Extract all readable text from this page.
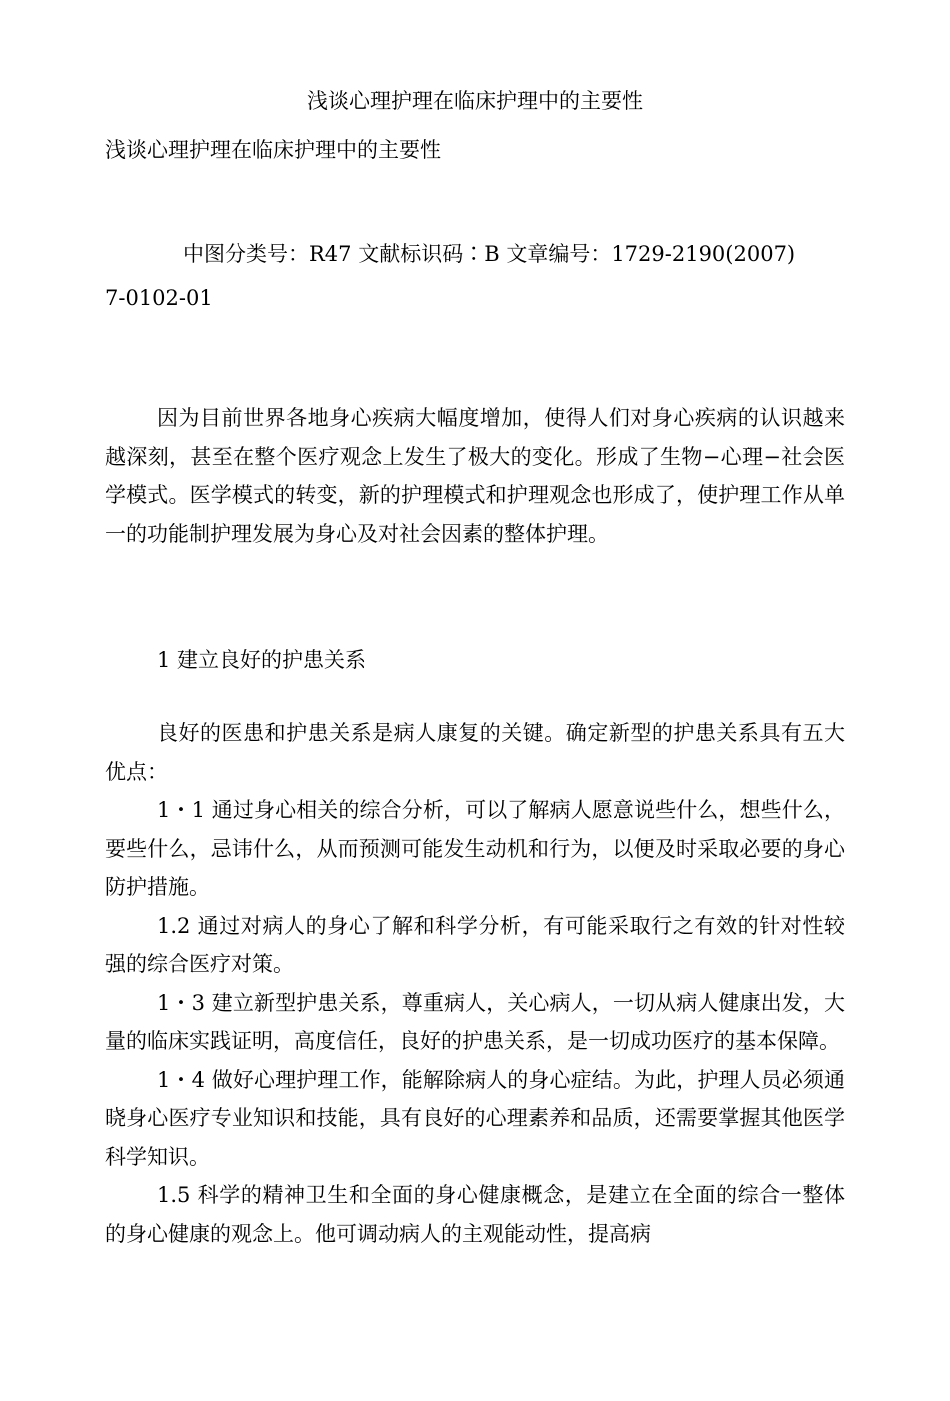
浅谈心理护理在临床护理中的主要性
浅谈心理护理在临床护理中的主要性
中图分类号：R47 文献标识码∶B 文章编号：1729-2190(2007)
7-0102-01

因为目前世界各地身心疾病大幅度增加，使得人们对身心疾病的认识越来越深刻，甚至在整个医疗观念上发生了极大的变化。形成了生物−心理−社会医学模式。医学模式的转变，新的护理模式和护理观念也形成了，使护理工作从单一的功能制护理发展为身心及对社会因素的整体护理。

1 建立良好的护患关系

良好的医患和护患关系是病人康复的关键。确定新型的护患关系具有五大优点：

1・1 通过身心相关的综合分析，可以了解病人愿意说些什么，想些什么，要些什么，忌讳什么，从而预测可能发生动机和行为，以便及时采取必要的身心防护措施。

1.2 通过对病人的身心了解和科学分析，有可能采取行之有效的针对性较强的综合医疗对策。

1・3 建立新型护患关系，尊重病人，关心病人，一切从病人健康出发，大量的临床实践证明，高度信任，良好的护患关系，是一切成功医疗的基本保障。

1・4 做好心理护理工作，能解除病人的身心症结。为此，护理人员必须通晓身心医疗专业知识和技能，具有良好的心理素养和品质，还需要掌握其他医学科学知识。

1.5 科学的精神卫生和全面的身心健康概念，是建立在全面的综合一整体的身心健康的观念上。他可调动病人的主观能动性，提高病
